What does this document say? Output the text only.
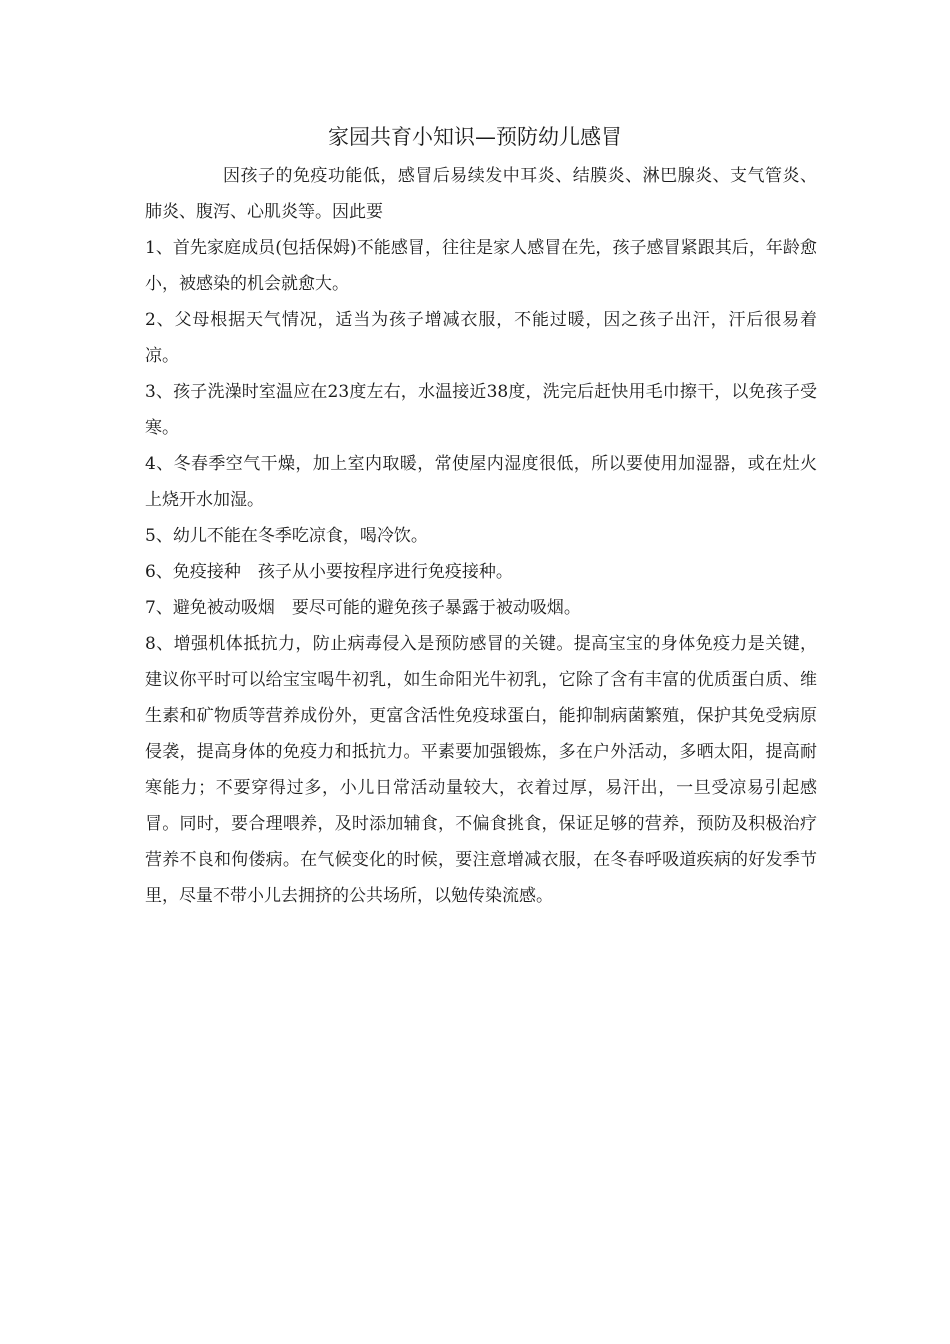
家园共育小知识—预防幼儿感冒

因孩子的免疫功能低，感冒后易续发中耳炎、结膜炎、淋巴腺炎、支气管炎、肺炎、腹泻、心肌炎等。因此要

1、首先家庭成员(包括保姆)不能感冒，往往是家人感冒在先，孩子感冒紧跟其后，年龄愈小，被感染的机会就愈大。

2、父母根据天气情况，适当为孩子增减衣服，不能过暖，因之孩子出汗，汗后很易着凉。

3、孩子洗澡时室温应在23度左右，水温接近38度，洗完后赶快用毛巾擦干，以免孩子受寒。

4、冬春季空气干燥，加上室内取暖，常使屋内湿度很低，所以要使用加湿器，或在灶火上烧开水加湿。

5、幼儿不能在冬季吃凉食，喝冷饮。

6、免疫接种　孩子从小要按程序进行免疫接种。

7、避免被动吸烟　要尽可能的避免孩子暴露于被动吸烟。

8、增强机体抵抗力，防止病毒侵入是预防感冒的关键。提高宝宝的身体免疫力是关键，建议你平时可以给宝宝喝牛初乳，如生命阳光牛初乳，它除了含有丰富的优质蛋白质、维生素和矿物质等营养成份外，更富含活性免疫球蛋白，能抑制病菌繁殖，保护其免受病原侵袭，提高身体的免疫力和抵抗力。平素要加强锻炼，多在户外活动，多晒太阳，提高耐寒能力；不要穿得过多，小儿日常活动量较大，衣着过厚，易汗出，一旦受凉易引起感冒。同时，要合理喂养，及时添加辅食，不偏食挑食，保证足够的营养，预防及积极治疗营养不良和佝偻病。在气候变化的时候，要注意增减衣服，在冬春呼吸道疾病的好发季节里，尽量不带小儿去拥挤的公共场所，以勉传染流感。
